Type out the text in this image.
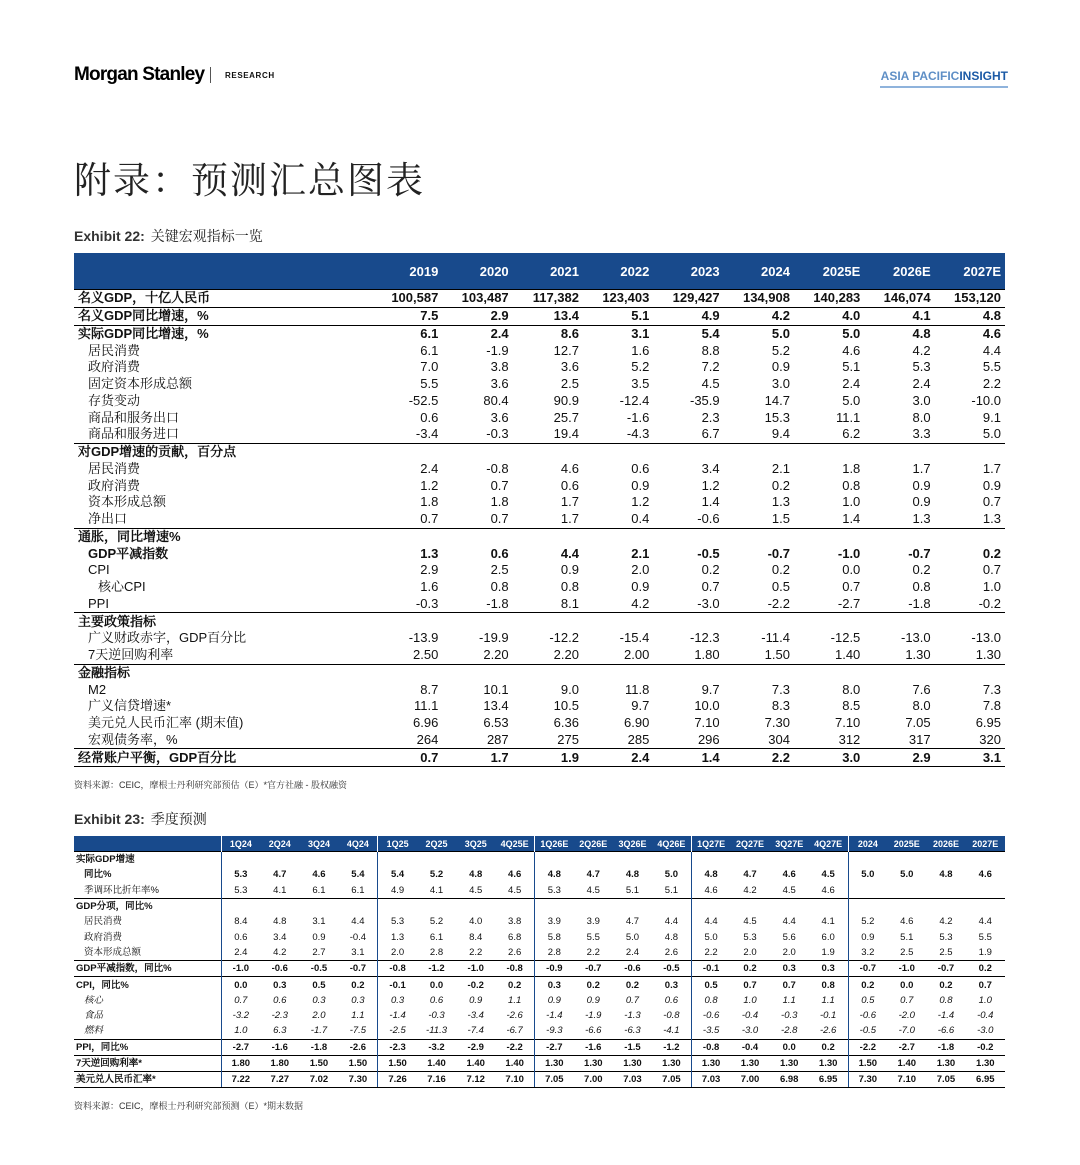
Morgan Stanley	RESEARCH	ASIA PACIFICINSIGHT
附录：预测汇总图表
Exhibit 22: 关键宏观指标一览
	2019	2020	2021	2022	2023	2024	2025E	2026E	2027E
名义GDP，十亿人民币	100,587	103,487	117,382	123,403	129,427	134,908	140,283	146,074	153,120
名义GDP同比增速，%	7.5	2.9	13.4	5.1	4.9	4.2	4.0	4.1	4.8
实际GDP同比增速，%	6.1	2.4	8.6	3.1	5.4	5.0	5.0	4.8	4.6
居民消费	6.1	-1.9	12.7	1.6	8.8	5.2	4.6	4.2	4.4
政府消费	7.0	3.8	3.6	5.2	7.2	0.9	5.1	5.3	5.5
固定资本形成总额	5.5	3.6	2.5	3.5	4.5	3.0	2.4	2.4	2.2
存货变动	-52.5	80.4	90.9	-12.4	-35.9	14.7	5.0	3.0	-10.0
商品和服务出口	0.6	3.6	25.7	-1.6	2.3	15.3	11.1	8.0	9.1
商品和服务进口	-3.4	-0.3	19.4	-4.3	6.7	9.4	6.2	3.3	5.0
对GDP增速的贡献，百分点									
居民消费	2.4	-0.8	4.6	0.6	3.4	2.1	1.8	1.7	1.7
政府消费	1.2	0.7	0.6	0.9	1.2	0.2	0.8	0.9	0.9
资本形成总额	1.8	1.8	1.7	1.2	1.4	1.3	1.0	0.9	0.7
净出口	0.7	0.7	1.7	0.4	-0.6	1.5	1.4	1.3	1.3
通胀，同比增速%									
GDP平减指数	1.3	0.6	4.4	2.1	-0.5	-0.7	-1.0	-0.7	0.2
CPI	2.9	2.5	0.9	2.0	0.2	0.2	0.0	0.2	0.7
核心CPI	1.6	0.8	0.8	0.9	0.7	0.5	0.7	0.8	1.0
PPI	-0.3	-1.8	8.1	4.2	-3.0	-2.2	-2.7	-1.8	-0.2
主要政策指标									
广义财政赤字，GDP百分比	-13.9	-19.9	-12.2	-15.4	-12.3	-11.4	-12.5	-13.0	-13.0
7天逆回购利率	2.50	2.20	2.20	2.00	1.80	1.50	1.40	1.30	1.30
金融指标									
M2	8.7	10.1	9.0	11.8	9.7	7.3	8.0	7.6	7.3
广义信贷增速*	11.1	13.4	10.5	9.7	10.0	8.3	8.5	8.0	7.8
美元兑人民币汇率 (期末值)	6.96	6.53	6.36	6.90	7.10	7.30	7.10	7.05	6.95
宏观债务率，%	264	287	275	285	296	304	312	317	320
经常账户平衡，GDP百分比	0.7	1.7	1.9	2.4	1.4	2.2	3.0	2.9	3.1
资料来源：CEIC，摩根士丹利研究部预估（E）*官方社融 - 股权融资
Exhibit 23: 季度预测
	1Q24	2Q24	3Q24	4Q24	1Q25	2Q25	3Q25	4Q25E	1Q26E	2Q26E	3Q26E	4Q26E	1Q27E	2Q27E	3Q27E	4Q27E	2024	2025E	2026E	2027E
实际GDP增速																				
同比%	5.3	4.7	4.6	5.4	5.4	5.2	4.8	4.6	4.8	4.7	4.8	5.0	4.8	4.7	4.6	4.5	5.0	5.0	4.8	4.6
季调环比折年率%	5.3	4.1	6.1	6.1	4.9	4.1	4.5	4.5	5.3	4.5	5.1	5.1	4.6	4.2	4.5	4.6				
GDP分项，同比%																				
居民消费	8.4	4.8	3.1	4.4	5.3	5.2	4.0	3.8	3.9	3.9	4.7	4.4	4.4	4.5	4.4	4.1	5.2	4.6	4.2	4.4
政府消费	0.6	3.4	0.9	-0.4	1.3	6.1	8.4	6.8	5.8	5.5	5.0	4.8	5.0	5.3	5.6	6.0	0.9	5.1	5.3	5.5
资本形成总额	2.4	4.2	2.7	3.1	2.0	2.8	2.2	2.6	2.8	2.2	2.4	2.6	2.2	2.0	2.0	1.9	3.2	2.5	2.5	1.9
GDP平减指数，同比%	-1.0	-0.6	-0.5	-0.7	-0.8	-1.2	-1.0	-0.8	-0.9	-0.7	-0.6	-0.5	-0.1	0.2	0.3	0.3	-0.7	-1.0	-0.7	0.2
CPI，同比%	0.0	0.3	0.5	0.2	-0.1	0.0	-0.2	0.2	0.3	0.2	0.2	0.3	0.5	0.7	0.7	0.8	0.2	0.0	0.2	0.7
核心	0.7	0.6	0.3	0.3	0.3	0.6	0.9	1.1	0.9	0.9	0.7	0.6	0.8	1.0	1.1	1.1	0.5	0.7	0.8	1.0
食品	-3.2	-2.3	2.0	1.1	-1.4	-0.3	-3.4	-2.6	-1.4	-1.9	-1.3	-0.8	-0.6	-0.4	-0.3	-0.1	-0.6	-2.0	-1.4	-0.4
燃料	1.0	6.3	-1.7	-7.5	-2.5	-11.3	-7.4	-6.7	-9.3	-6.6	-6.3	-4.1	-3.5	-3.0	-2.8	-2.6	-0.5	-7.0	-6.6	-3.0
PPI，同比%	-2.7	-1.6	-1.8	-2.6	-2.3	-3.2	-2.9	-2.2	-2.7	-1.6	-1.5	-1.2	-0.8	-0.4	0.0	0.2	-2.2	-2.7	-1.8	-0.2
7天逆回购利率*	1.80	1.80	1.50	1.50	1.50	1.40	1.40	1.40	1.30	1.30	1.30	1.30	1.30	1.30	1.30	1.30	1.50	1.40	1.30	1.30
美元兑人民币汇率*	7.22	7.27	7.02	7.30	7.26	7.16	7.12	7.10	7.05	7.00	7.03	7.05	7.03	7.00	6.98	6.95	7.30	7.10	7.05	6.95
资料来源：CEIC，摩根士丹利研究部预测（E）*期末数据
